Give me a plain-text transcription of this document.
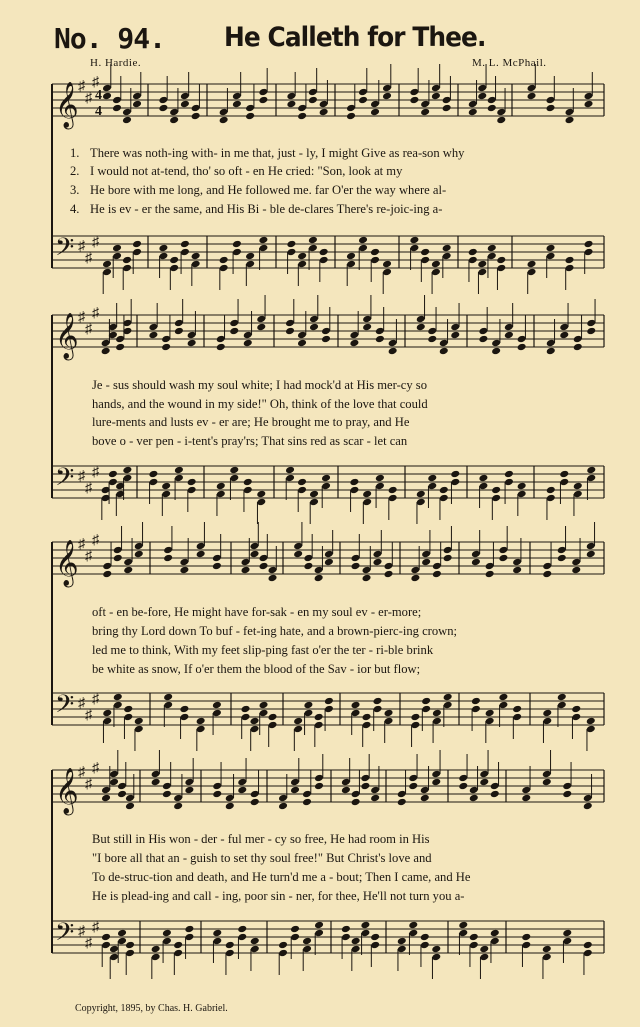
No. 94. He Calleth for Thee.
H. Hardie.	M. L. McPhail.
𝄞 ♯
♯
♯
𝄢 ♯
♯
♯
𝄞 ♯
♯
♯
𝄢 ♯
♯
♯
𝄞 ♯
♯
♯
𝄢 ♯
♯
♯
𝄞 ♯
♯
♯
𝄢 ♯
♯
♯
4
4
1. There was noth-ing with- in me that, just - ly, I might Give as rea-son why
2. I would not at-tend, tho' so oft - en He cried: "Son, look at my
3. He bore with me long, and He followed me. far O'er the way where al-
4. He is ev - er the same, and His Bi - ble de-clares There's re-joic-ing a-
Je - sus should wash my soul white; I had mock'd at His mer-cy so
hands, and the wound in my side!" Oh, think of the love that could
lure-ments and lusts ev - er are; He brought me to pray, and He
bove o - ver pen - i-tent's pray'rs; That sins red as scar - let can
oft - en be-fore, He might have for-sak - en my soul ev - er-more;
bring thy Lord down To buf - fet-ing hate, and a brown-pierc-ing crown;
led me to think, With my feet slip-ping fast o'er the ter - ri-ble brink
be white as snow, If o'er them the blood of the Sav - ior but flow;
But still in His won - der - ful mer - cy so free, He had room in His
"I bore all that an - guish to set thy soul free!" But Christ's love and
To de-struc-tion and death, and He turn'd me a - bout; Then I came, and He
He is plead-ing and call - ing, poor sin - ner, for thee, He'll not turn you a-
Copyright, 1895, by Chas. H. Gabriel.
